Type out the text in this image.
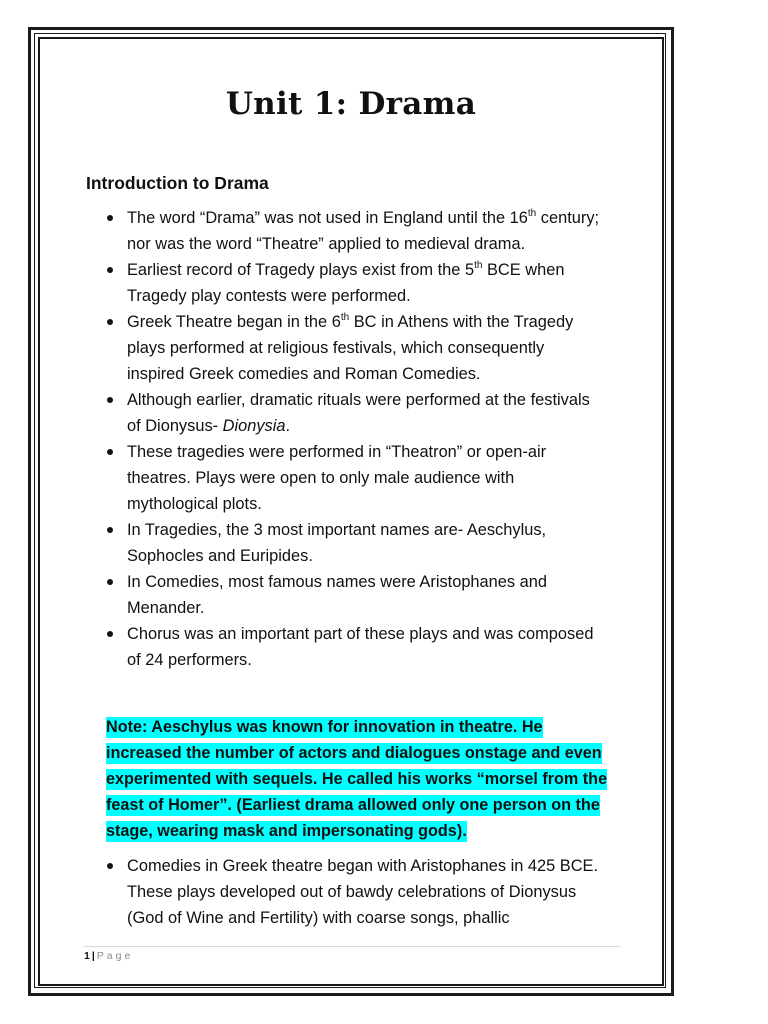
Unit 1: Drama
Introduction to Drama
The word “Drama” was not used in England until the 16th century; nor was the word “Theatre” applied to medieval drama.
Earliest record of Tragedy plays exist from the 5th BCE when Tragedy play contests were performed.
Greek Theatre began in the 6th BC in Athens with the Tragedy plays performed at religious festivals, which consequently inspired Greek comedies and Roman Comedies.
Although earlier, dramatic rituals were performed at the festivals of Dionysus- Dionysia.
These tragedies were performed in “Theatron” or open-air theatres. Plays were open to only male audience with mythological plots.
In Tragedies, the 3 most important names are- Aeschylus, Sophocles and Euripides.
In Comedies, most famous names were Aristophanes and Menander.
Chorus was an important part of these plays and was composed of 24 performers.

Note: Aeschylus was known for innovation in theatre. He increased the number of actors and dialogues onstage and even experimented with sequels. He called his works “morsel from the feast of Homer”. (Earliest drama allowed only one person on the stage, wearing mask and impersonating gods).

Comedies in Greek theatre began with Aristophanes in 425 BCE. These plays developed out of bawdy celebrations of Dionysus (God of Wine and Fertility) with coarse songs, phallic
1 | Page
